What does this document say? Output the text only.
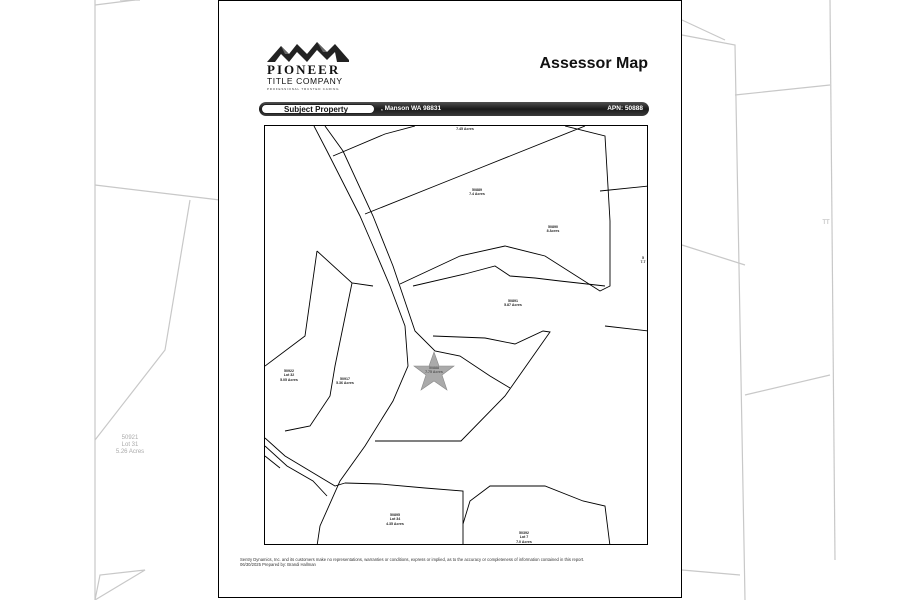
50921
Lot 31
5.26 Acres
TT
PIONEER
TITLE COMPANY
PROFESSIONAL TRUSTED CARING
Assessor Map
Subject Property	, Manson WA 98831	APN: 50888
7.45 Acres
50889
7.4 Acres
50890
8 Acres
50891
5.87 Acres
50922
Lot 32
5.05 Acres	50917
5.36 Acres
50888
7.75 Acres
50895
Lot 34
4.35 Acres
50392
Lot 7
7.0 Acres
5
7.7
Sentry Dynamics, Inc. and its customers make no representations, warranties or conditions, express or implied, as to the accuracy or completeness of information contained in this report.
06/30/2025 Prepared by: Brandi Hallman
